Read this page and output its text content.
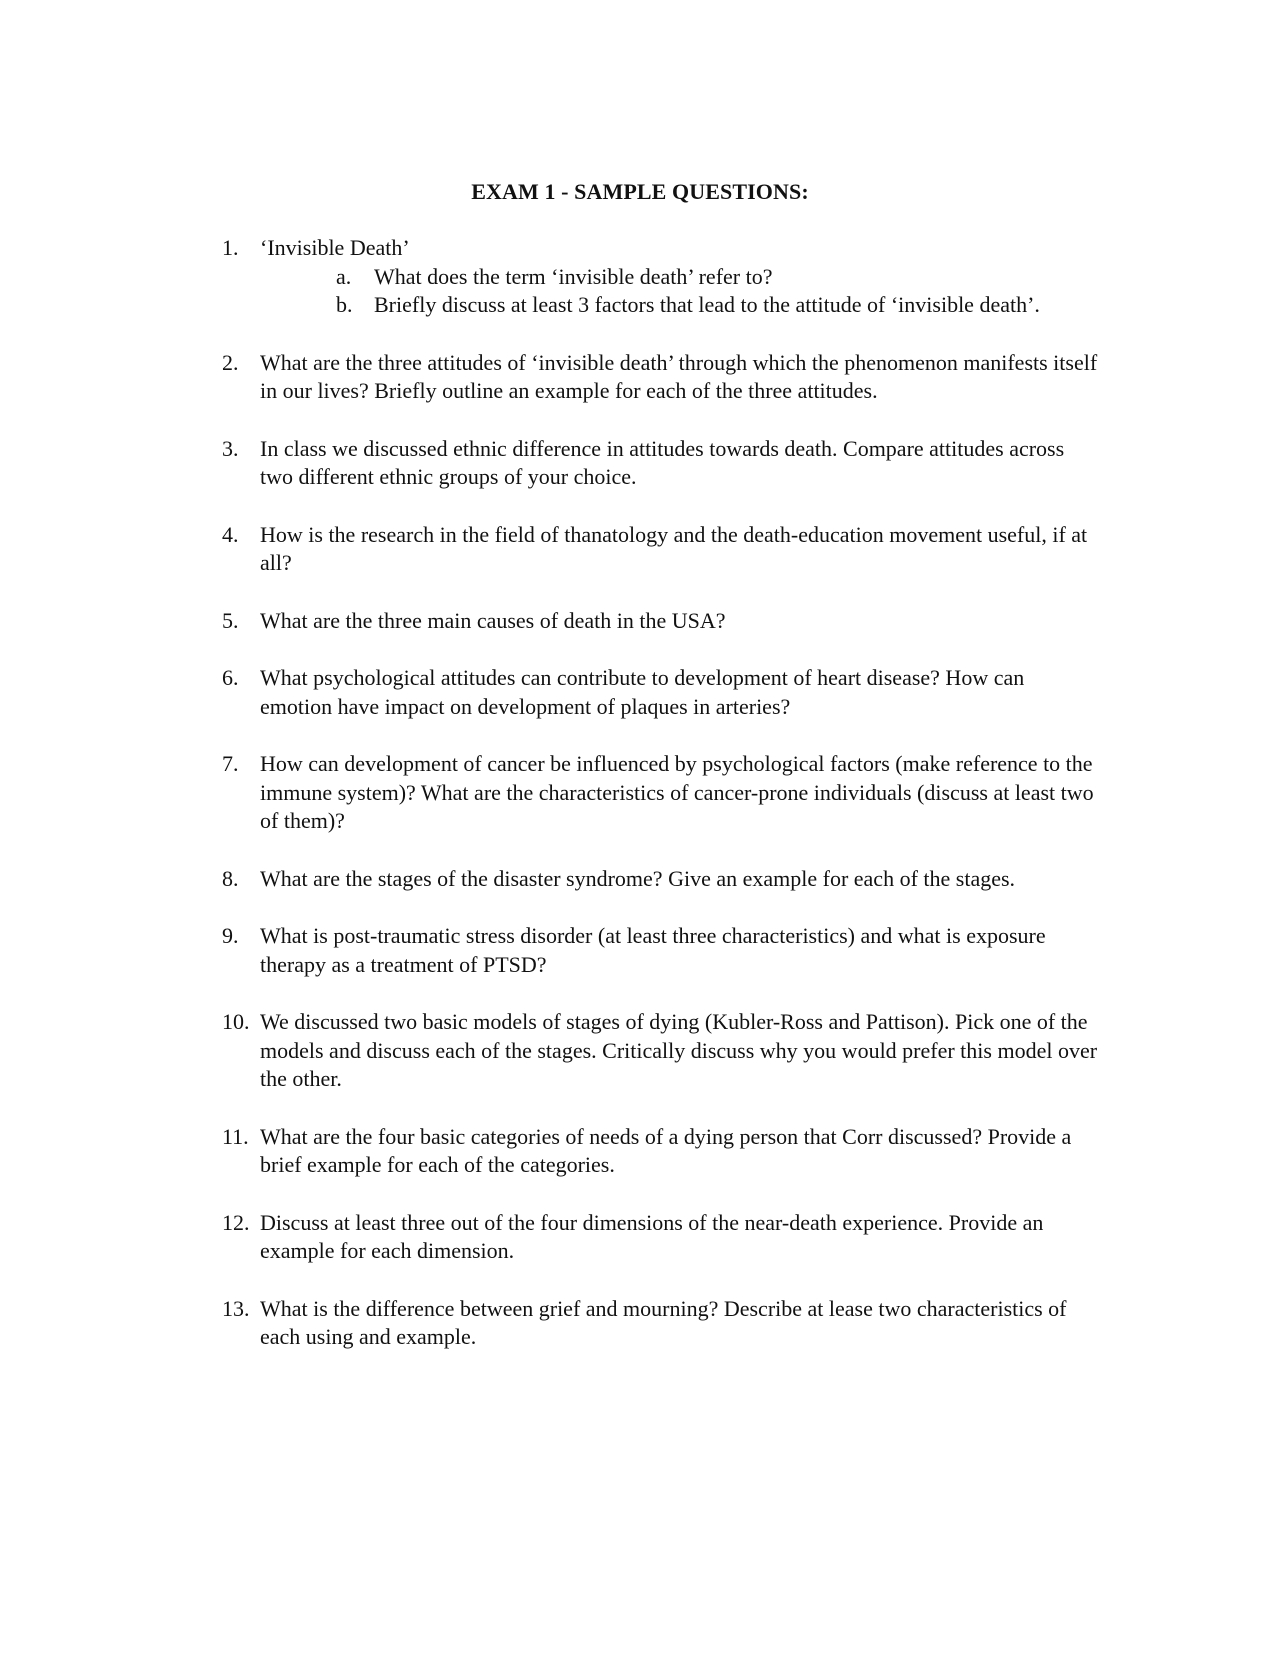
EXAM 1 - SAMPLE QUESTIONS:
1. ‘Invisible Death’
a. What does the term ‘invisible death’ refer to?
b. Briefly discuss at least 3 factors that lead to the attitude of ‘invisible death’.
2. What are the three attitudes of ‘invisible death’ through which the phenomenon manifests itself in our lives? Briefly outline an example for each of the three attitudes.
3. In class we discussed ethnic difference in attitudes towards death. Compare attitudes across two different ethnic groups of your choice.
4. How is the research in the field of thanatology and the death-education movement useful, if at all?
5. What are the three main causes of death in the USA?
6. What psychological attitudes can contribute to development of heart disease? How can emotion have impact on development of plaques in arteries?
7. How can development of cancer be influenced by psychological factors (make reference to the immune system)? What are the characteristics of cancer-prone individuals (discuss at least two of them)?
8. What are the stages of the disaster syndrome? Give an example for each of the stages.
9. What is post-traumatic stress disorder (at least three characteristics) and what is exposure therapy as a treatment of PTSD?
10. We discussed two basic models of stages of dying (Kubler-Ross and Pattison). Pick one of the models and discuss each of the stages. Critically discuss why you would prefer this model over the other.
11. What are the four basic categories of needs of a dying person that Corr discussed? Provide a brief example for each of the categories.
12. Discuss at least three out of the four dimensions of the near-death experience. Provide an example for each dimension.
13. What is the difference between grief and mourning? Describe at lease two characteristics of each using and example.
